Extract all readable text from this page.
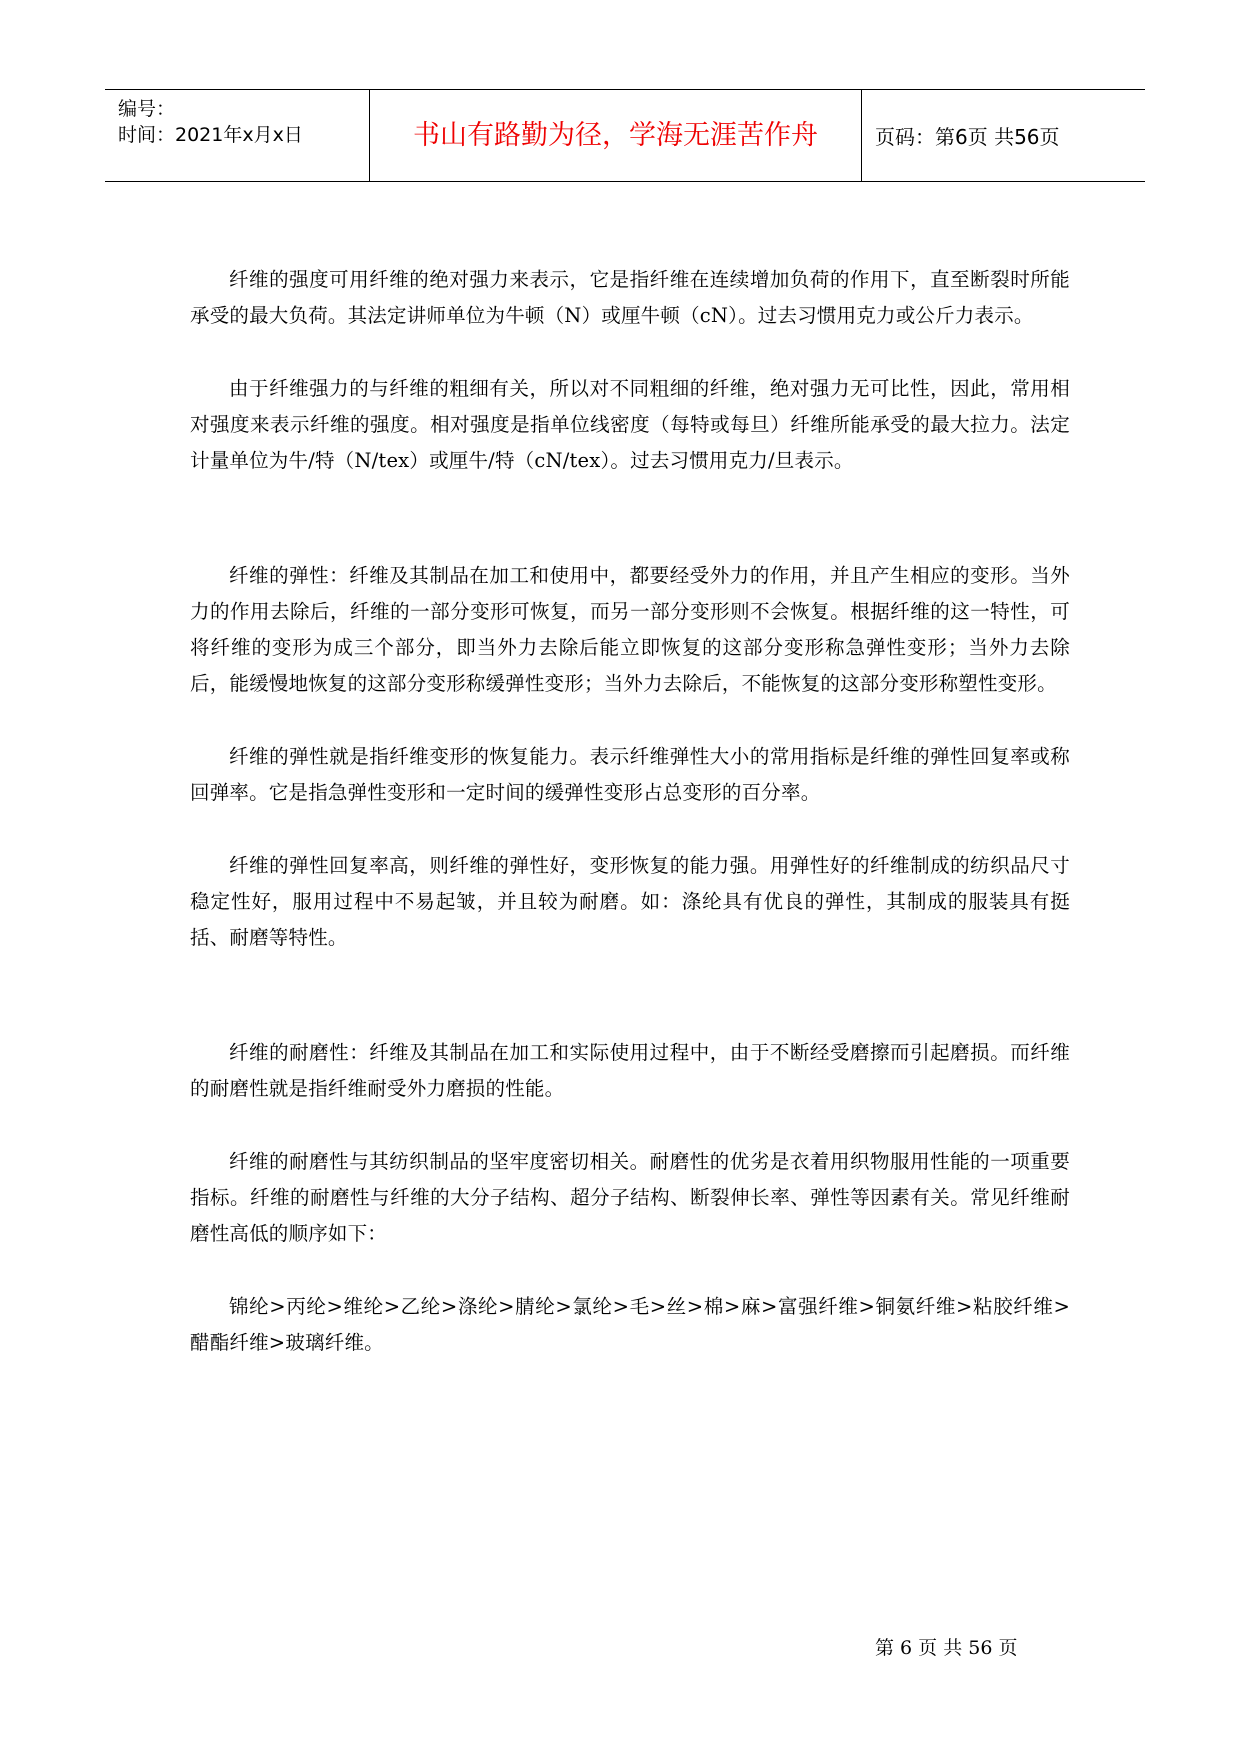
编号：
时间：2021年x月x日	书山有路勤为径，学海无涯苦作舟	页码：第6页 共56页

纤维的强度可用纤维的绝对强力来表示，它是指纤维在连续增加负荷的作用下，直至断裂时所能承受的最大负荷。其法定讲师单位为牛顿（N）或厘牛顿（cN）。过去习惯用克力或公斤力表示。

由于纤维强力的与纤维的粗细有关，所以对不同粗细的纤维，绝对强力无可比性，因此，常用相对强度来表示纤维的强度。相对强度是指单位线密度（每特或每旦）纤维所能承受的最大拉力。法定计量单位为牛/特（N/tex）或厘牛/特（cN/tex）。过去习惯用克力/旦表示。

纤维的弹性：纤维及其制品在加工和使用中，都要经受外力的作用，并且产生相应的变形。当外力的作用去除后，纤维的一部分变形可恢复，而另一部分变形则不会恢复。根据纤维的这一特性，可将纤维的变形为成三个部分，即当外力去除后能立即恢复的这部分变形称急弹性变形；当外力去除后，能缓慢地恢复的这部分变形称缓弹性变形；当外力去除后，不能恢复的这部分变形称塑性变形。

纤维的弹性就是指纤维变形的恢复能力。表示纤维弹性大小的常用指标是纤维的弹性回复率或称回弹率。它是指急弹性变形和一定时间的缓弹性变形占总变形的百分率。

纤维的弹性回复率高，则纤维的弹性好，变形恢复的能力强。用弹性好的纤维制成的纺织品尺寸稳定性好，服用过程中不易起皱，并且较为耐磨。如：涤纶具有优良的弹性，其制成的服装具有挺括、耐磨等特性。

纤维的耐磨性：纤维及其制品在加工和实际使用过程中，由于不断经受磨擦而引起磨损。而纤维的耐磨性就是指纤维耐受外力磨损的性能。

纤维的耐磨性与其纺织制品的坚牢度密切相关。耐磨性的优劣是衣着用织物服用性能的一项重要指标。纤维的耐磨性与纤维的大分子结构、超分子结构、断裂伸长率、弹性等因素有关。常见纤维耐磨性高低的顺序如下：

锦纶>丙纶>维纶>乙纶>涤纶>腈纶>氯纶>毛>丝>棉>麻>富强纤维>铜氨纤维>粘胶纤维>醋酯纤维>玻璃纤维。

第 6 页 共 56 页
